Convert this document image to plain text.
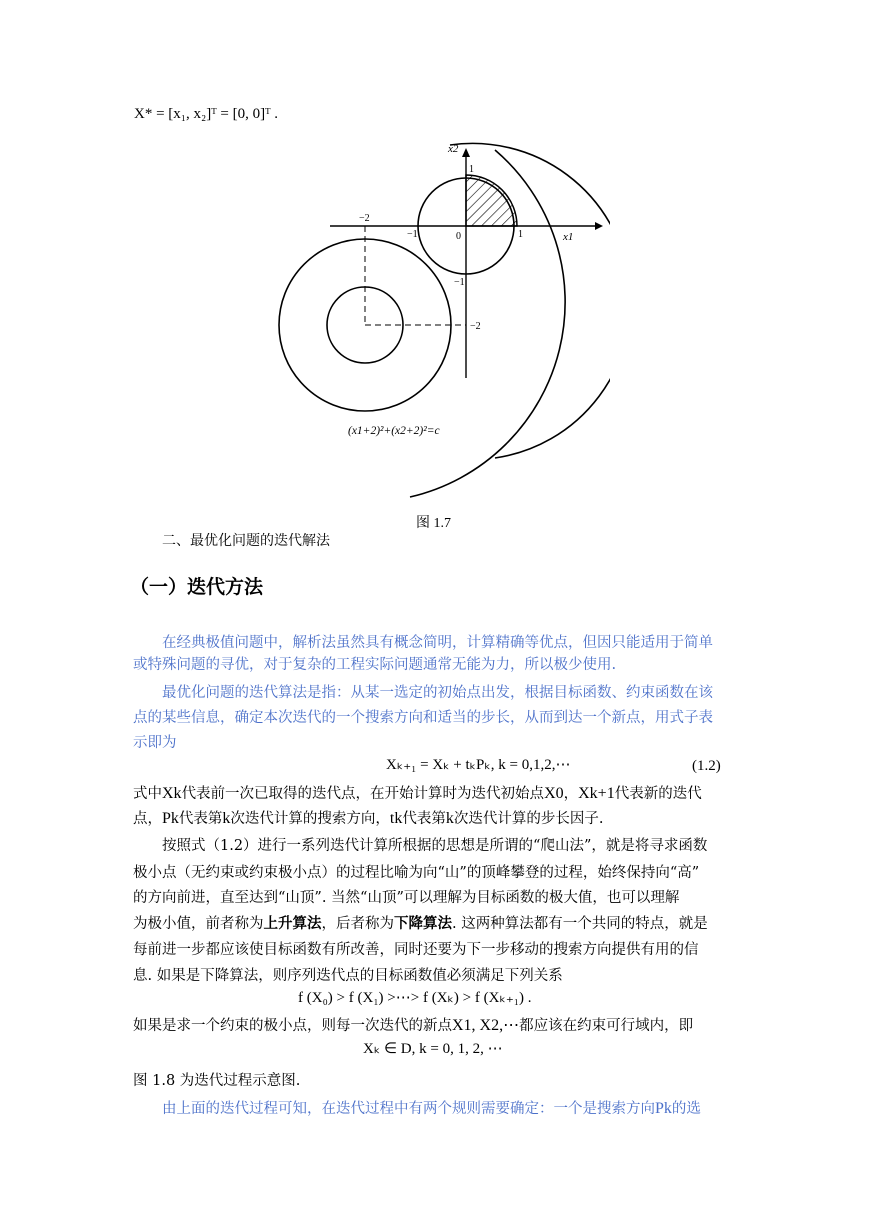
X* = [x₁, x₂]ᵀ = [0, 0]ᵀ .
x2
x1
−2
−1	0	1
1
−1
−2
(x1+2)²+(x2+2)²=c
图 1.7
二、最优化问题的迭代解法
（一）迭代方法
在经典极值问题中，解析法虽然具有概念简明，计算精确等优点，但因只能适用于简单
或特殊问题的寻优，对于复杂的工程实际问题通常无能为力，所以极少使用.
最优化问题的迭代算法是指：从某一选定的初始点出发，根据目标函数、约束函数在该
点的某些信息，确定本次迭代的一个搜索方向和适当的步长，从而到达一个新点，用式子表
示即为
Xₖ₊₁ = Xₖ + tₖPₖ, k = 0,1,2,⋯	(1.2)
式中Xk代表前一次已取得的迭代点，在开始计算时为迭代初始点X0，Xk+1代表新的迭代
点，Pk代表第k次迭代计算的搜索方向，tk代表第k次迭代计算的步长因子.
按照式（1.2）进行一系列迭代计算所根据的思想是所谓的“爬山法”，就是将寻求函数
极小点（无约束或约束极小点）的过程比喻为向“山”的顶峰攀登的过程，始终保持向“高”
的方向前进，直至达到“山顶”. 当然“山顶”可以理解为目标函数的极大值，也可以理解
为极小值，前者称为上升算法，后者称为下降算法. 这两种算法都有一个共同的特点，就是
每前进一步都应该使目标函数有所改善，同时还要为下一步移动的搜索方向提供有用的信
息. 如果是下降算法，则序列迭代点的目标函数值必须满足下列关系
f (X₀) > f (X₁) >⋯> f (Xₖ) > f (Xₖ₊₁) .
如果是求一个约束的极小点，则每一次迭代的新点X1, X2,⋯都应该在约束可行域内，即
Xₖ ∈ D, k = 0, 1, 2, ⋯
图 1.8 为迭代过程示意图.
由上面的迭代过程可知，在迭代过程中有两个规则需要确定：一个是搜索方向Pk的选
